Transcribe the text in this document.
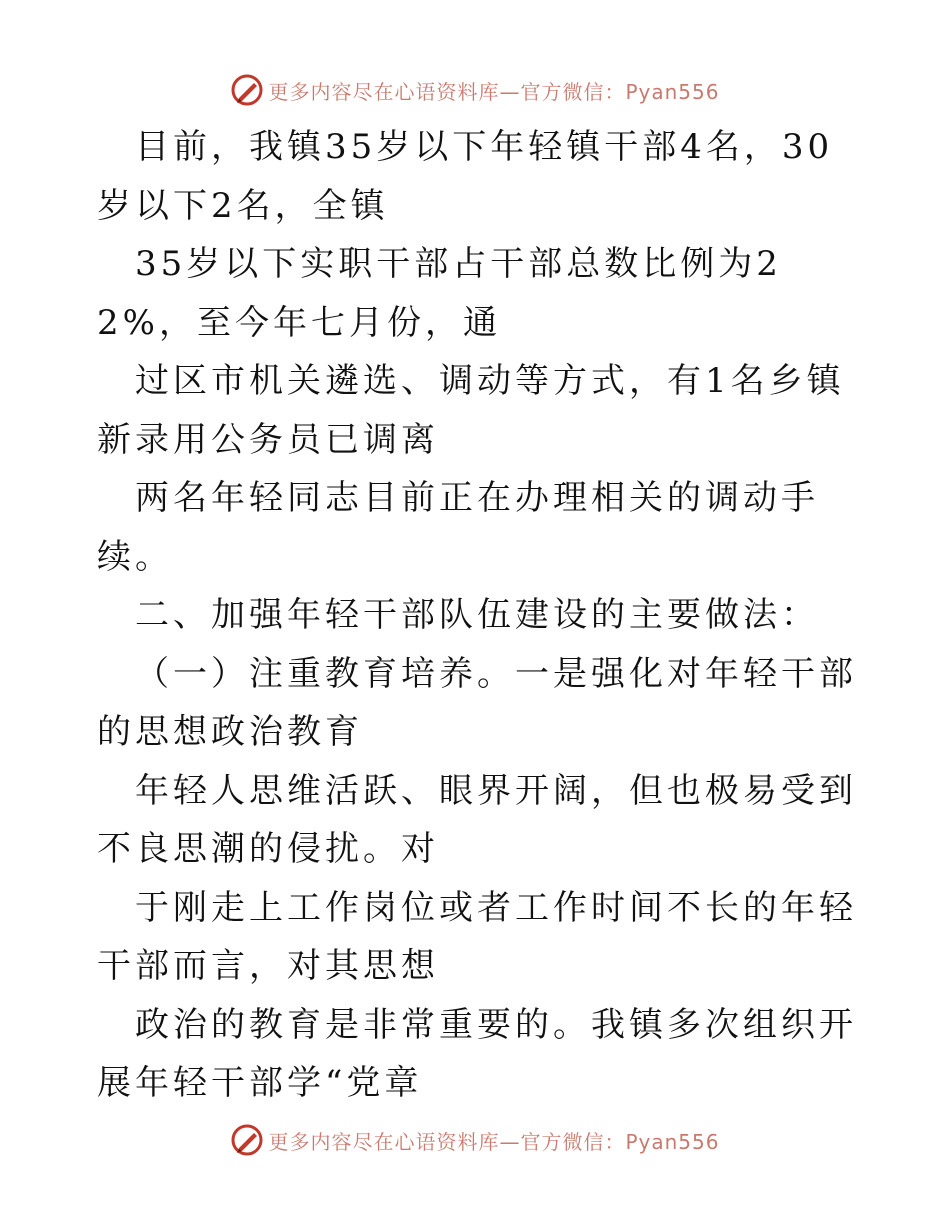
更多内容尽在心语资料库—官方微信：Pyan556

目前，我镇35岁以下年轻镇干部4名，30岁以下2名，全镇

35岁以下实职干部占干部总数比例为22%，至今年七月份，通

过区市机关遴选、调动等方式，有1名乡镇新录用公务员已调离

两名年轻同志目前正在办理相关的调动手续。

二、加强年轻干部队伍建设的主要做法：

（一）注重教育培养。一是强化对年轻干部的思想政治教育

年轻人思维活跃、眼界开阔，但也极易受到不良思潮的侵扰。对

于刚走上工作岗位或者工作时间不长的年轻干部而言，对其思想

政治的教育是非常重要的。我镇多次组织开展年轻干部学“党章

更多内容尽在心语资料库—官方微信：Pyan556
